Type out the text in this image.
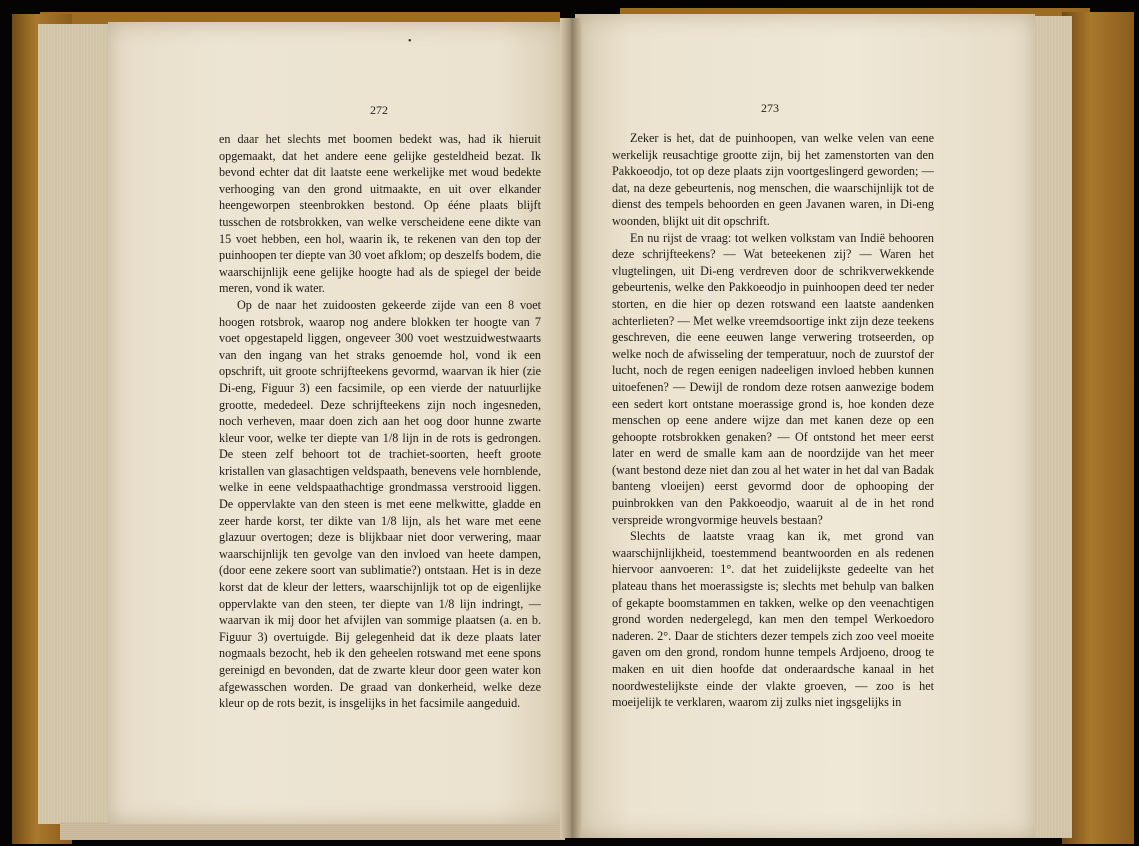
•
272

en daar het slechts met boomen bedekt was, had ik hieruit opgemaakt, dat het andere eene gelijke gesteldheid bezat. Ik bevond echter dat dit laatste eene werkelijke met woud bedekte verhooging van den grond uitmaakte, en uit over elkander heengeworpen steenbrokken bestond. Op ééne plaats blijft tusschen de rotsbrokken, van welke verscheidene eene dikte van 15 voet hebben, een hol, waarin ik, te rekenen van den top der puinhoopen ter diepte van 30 voet afklom; op deszelfs bodem, die waarschijnlijk eene gelijke hoogte had als de spiegel der beide meren, vond ik water.

Op de naar het zuidoosten gekeerde zijde van een 8 voet hoogen rotsbrok, waarop nog andere blokken ter hoogte van 7 voet opgestapeld liggen, ongeveer 300 voet westzuidwestwaarts van den ingang van het straks genoemde hol, vond ik een opschrift, uit groote schrijfteekens gevormd, waarvan ik hier (zie Di-eng, Figuur 3) een facsimile, op een vierde der natuurlijke grootte, mededeel. Deze schrijfteekens zijn noch ingesneden, noch verheven, maar doen zich aan het oog door hunne zwarte kleur voor, welke ter diepte van 1/8 lijn in de rots is gedrongen. De steen zelf behoort tot de trachiet-soorten, heeft groote kristallen van glasachtigen veldspaath, benevens vele hornblende, welke in eene veldspaathachtige grondmassa verstrooid liggen. De oppervlakte van den steen is met eene melkwitte, gladde en zeer harde korst, ter dikte van 1/8 lijn, als het ware met eene glazuur overtogen; deze is blijkbaar niet door verwering, maar waarschijnlijk ten gevolge van den invloed van heete dampen, (door eene zekere soort van sublimatie?) ontstaan. Het is in deze korst dat de kleur der letters, waarschijnlijk tot op de eigenlijke oppervlakte van den steen, ter diepte van 1/8 lijn indringt, — waarvan ik mij door het afvijlen van sommige plaatsen (a. en b. Figuur 3) overtuigde. Bij gelegenheid dat ik deze plaats later nogmaals bezocht, heb ik den geheelen rotswand met eene spons gereinigd en bevonden, dat de zwarte kleur door geen water kon afgewasschen worden. De graad van donkerheid, welke deze kleur op de rots bezit, is insgelijks in het facsimile aangeduid.

273

Zeker is het, dat de puinhoopen, van welke velen van eene werkelijk reusachtige grootte zijn, bij het zamenstorten van den Pakkoeodjo, tot op deze plaats zijn voortgeslingerd geworden; — dat, na deze gebeurtenis, nog menschen, die waarschijnlijk tot de dienst des tempels behoorden en geen Javanen waren, in Di-eng woonden, blijkt uit dit opschrift.

En nu rijst de vraag: tot welken volkstam van Indië behooren deze schrijfteekens? — Wat beteekenen zij? — Waren het vlugtelingen, uit Di-eng verdreven door de schrikverwekkende gebeurtenis, welke den Pakkoeodjo in puinhoopen deed ter neder storten, en die hier op dezen rotswand een laatste aandenken achterlieten? — Met welke vreemdsoortige inkt zijn deze teekens geschreven, die eene eeuwen lange verwering trotseerden, op welke noch de afwisseling der temperatuur, noch de zuurstof der lucht, noch de regen eenigen nadeeligen invloed hebben kunnen uitoefenen? — Dewijl de rondom deze rotsen aanwezige bodem een sedert kort ontstane moerassige grond is, hoe konden deze menschen op eene andere wijze dan met kanen deze op een gehoopte rotsbrokken genaken? — Of ontstond het meer eerst later en werd de smalle kam aan de noordzijde van het meer (want bestond deze niet dan zou al het water in het dal van Badak banteng vloeijen) eerst gevormd door de ophooping der puinbrokken van den Pakkoeodjo, waaruit al de in het rond verspreide wrongvormige heuvels bestaan?

Slechts de laatste vraag kan ik, met grond van waarschijnlijkheid, toestemmend beantwoorden en als redenen hiervoor aanvoeren: 1°. dat het zuidelijkste gedeelte van het plateau thans het moerassigste is; slechts met behulp van balken of gekapte boomstammen en takken, welke op den veenachtigen grond worden nedergelegd, kan men den tempel Werkoedoro naderen. 2°. Daar de stichters dezer tempels zich zoo veel moeite gaven om den grond, rondom hunne tempels Ardjoeno, droog te maken en uit dien hoofde dat onderaardsche kanaal in het noordwestelijkste einde der vlakte groeven, — zoo is het moeijelijk te verklaren, waarom zij zulks niet ingsgelijks in
